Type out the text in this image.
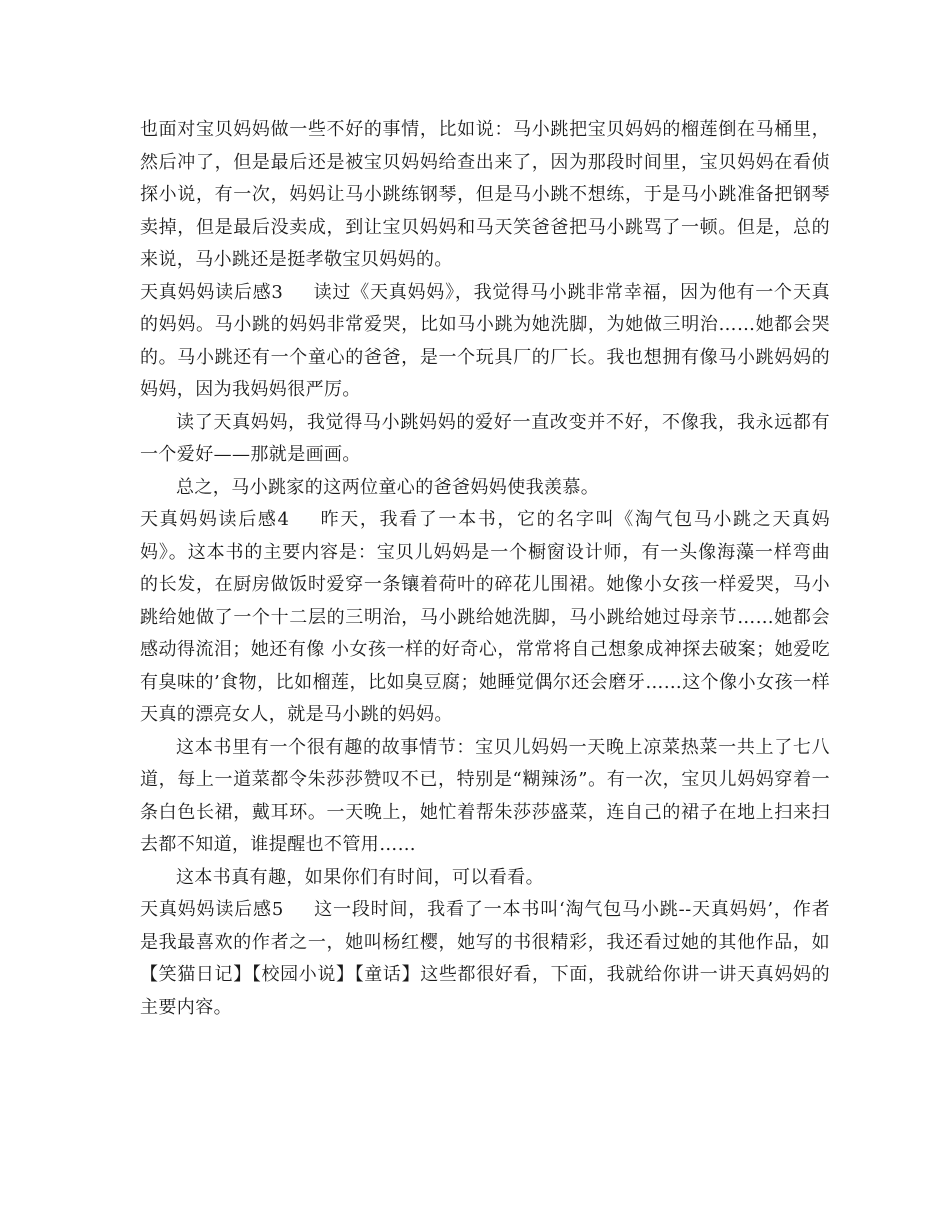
也面对宝贝妈妈做一些不好的事情，比如说：马小跳把宝贝妈妈的榴莲倒在马桶里，然后冲了，但是最后还是被宝贝妈妈给查出来了，因为那段时间里，宝贝妈妈在看侦探小说，有一次，妈妈让马小跳练钢琴，但是马小跳不想练，于是马小跳准备把钢琴卖掉，但是最后没卖成，到让宝贝妈妈和马天笑爸爸把马小跳骂了一顿。但是，总的来说，马小跳还是挺孝敬宝贝妈妈的。

天真妈妈读后感3 读过《天真妈妈》，我觉得马小跳非常幸福，因为他有一个天真的妈妈。马小跳的妈妈非常爱哭，比如马小跳为她洗脚，为她做三明治……她都会哭的。马小跳还有一个童心的爸爸，是一个玩具厂的厂长。我也想拥有像马小跳妈妈的妈妈，因为我妈妈很严厉。

读了天真妈妈，我觉得马小跳妈妈的爱好一直改变并不好，不像我，我永远都有一个爱好——那就是画画。

总之，马小跳家的这两位童心的爸爸妈妈使我羡慕。

天真妈妈读后感4 昨天，我看了一本书，它的名字叫《淘气包马小跳之天真妈妈》。这本书的主要内容是：宝贝儿妈妈是一个橱窗设计师，有一头像海藻一样弯曲的长发，在厨房做饭时爱穿一条镶着荷叶的碎花儿围裙。她像小女孩一样爱哭，马小跳给她做了一个十二层的三明治，马小跳给她洗脚，马小跳给她过母亲节……她都会感动得流泪；她还有像 小女孩一样的好奇心，常常将自己想象成神探去破案；她爱吃有臭味的’食物，比如榴莲，比如臭豆腐；她睡觉偶尔还会磨牙……这个像小女孩一样天真的漂亮女人，就是马小跳的妈妈。

这本书里有一个很有趣的故事情节：宝贝儿妈妈一天晚上凉菜热菜一共上了七八道，每上一道菜都令朱莎莎赞叹不已，特别是“糊辣汤”。有一次，宝贝儿妈妈穿着一条白色长裙，戴耳环。一天晚上，她忙着帮朱莎莎盛菜，连自己的裙子在地上扫来扫去都不知道，谁提醒也不管用……

这本书真有趣，如果你们有时间，可以看看。

天真妈妈读后感5 这一段时间，我看了一本书叫‘淘气包马小跳--天真妈妈’，作者是我最喜欢的作者之一，她叫杨红樱，她写的书很精彩，我还看过她的其他作品，如【笑猫日记】【校园小说】【童话】这些都很好看，下面，我就给你讲一讲天真妈妈的主要内容。
